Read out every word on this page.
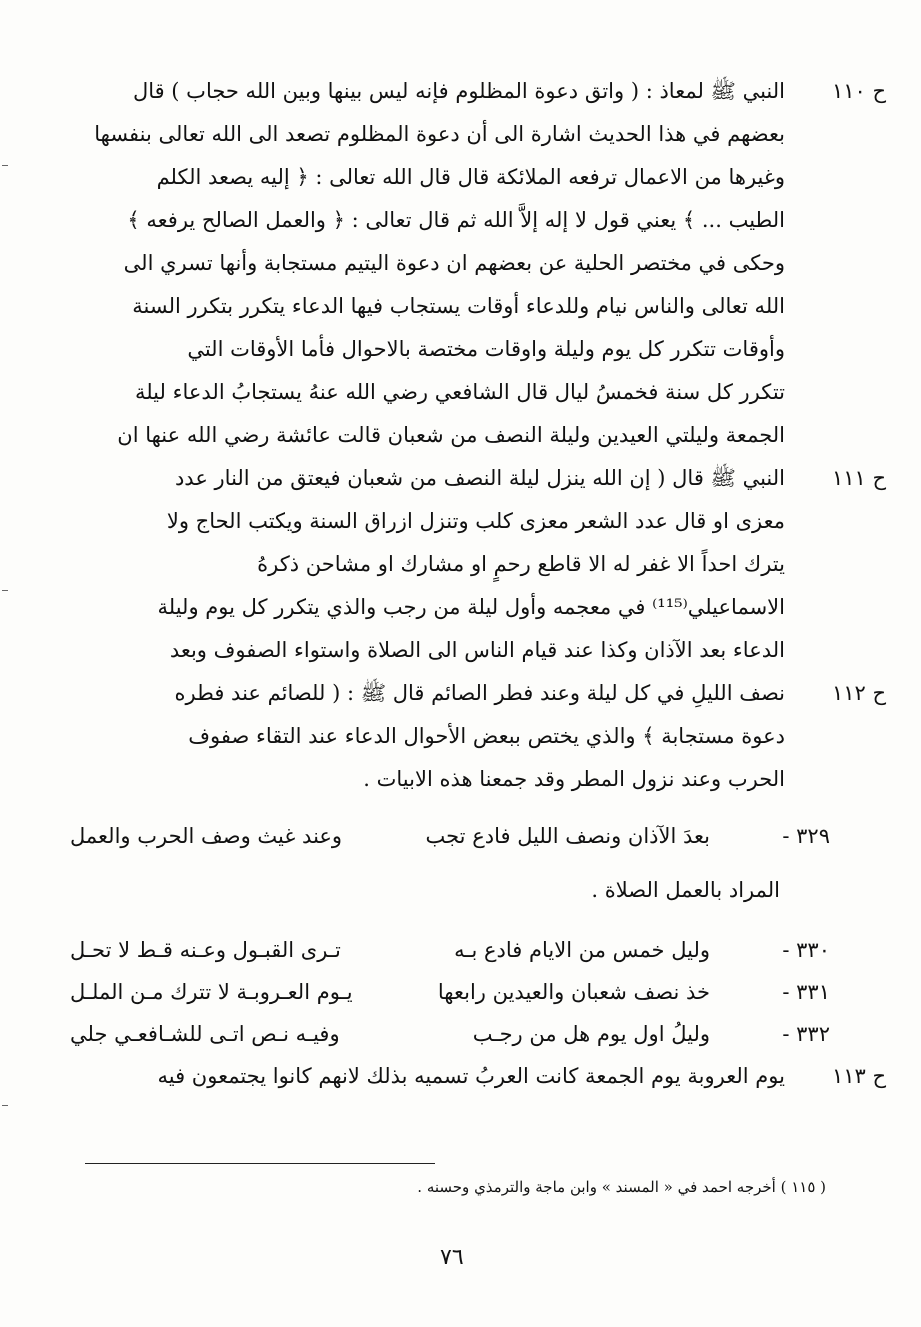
ح ١١٠
النبي ﷺ لمعاذ : ( واتق دعوة المظلوم فإنه ليس بينها وبين الله حجاب ) قال
بعضهم في هذا الحديث اشارة الى أن دعوة المظلوم تصعد الى الله تعالى بنفسها
وغيرها من الاعمال ترفعه الملائكة قال قال الله تعالى : ﴿ إليه يصعد الكلم
الطيب ... ﴾ يعني قول لا إله إلاَّ الله ثم قال تعالى : ﴿ والعمل الصالح يرفعه ﴾
وحكى في مختصر الحلية عن بعضهم ان دعوة اليتيم مستجابة وأنها تسري الى
الله تعالى والناس نيام وللدعاء أوقات يستجاب فيها الدعاء يتكرر بتكرر السنة
وأوقات تتكرر كل يوم وليلة واوقات مختصة بالاحوال فأما الأوقات التي
تتكرر كل سنة فخمسُ ليال قال الشافعي رضي الله عنهُ يستجابُ الدعاء ليلة
الجمعة وليلتي العيدين وليلة النصف من شعبان قالت عائشة رضي الله عنها ان
ح ١١١
النبي ﷺ قال ( إن الله ينزل ليلة النصف من شعبان فيعتق من النار عدد
معزى او قال عدد الشعر معزى كلب وتنزل ازراق السنة ويكتب الحاج ولا
يترك احداً الا غفر له الا قاطع رحمٍ او مشارك او مشاحن ذكرهُ
الاسماعيلي⁽¹¹⁵⁾ في معجمه وأول ليلة من رجب والذي يتكرر كل يوم وليلة
الدعاء بعد الآذان وكذا عند قيام الناس الى الصلاة واستواء الصفوف وبعد
ح ١١٢
نصف الليلِ في كل ليلة وعند فطر الصائم قال ﷺ : ( للصائم عند فطره
دعوة مستجابة ﴾ والذي يختص ببعض الأحوال الدعاء عند التقاء صفوف
الحرب وعند نزول المطر وقد جمعنا هذه الابيات .
٣٢٩ -
بعدَ الآذان ونصف الليل فادع تجب
وعند غيث وصف الحرب والعمل
المراد بالعمل الصلاة .
٣٣٠ -
وليل خمس من الايام فادع بـه
تـرى القبـول وعـنه قـط لا تحـل
٣٣١ -
خذ نصف شعبان والعيدين رابعها
يـوم العـروبـة لا تترك مـن الملـل
٣٣٢ -
وليلُ اول يوم هل من رجـب
وفيـه نـص اتـى للشـافعـي جلي
ح ١١٣
يوم العروبة يوم الجمعة كانت العربُ تسميه بذلك لانهم كانوا يجتمعون فيه
( ١١٥ ) أخرجه احمد في « المسند » وابن ماجة والترمذي وحسنه .
٧٦
